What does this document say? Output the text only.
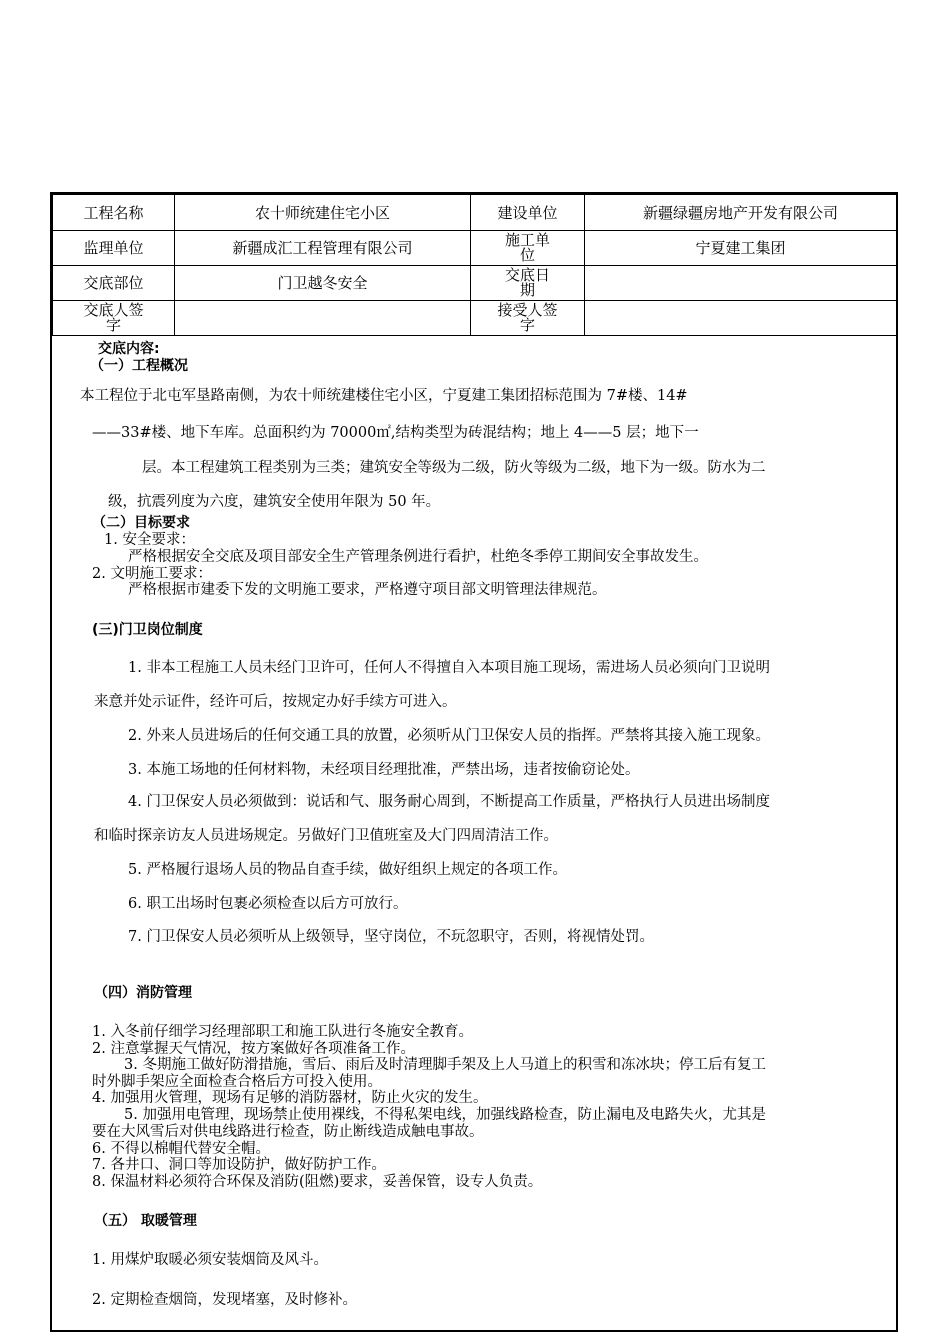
工程名称	农十师统建住宅小区	建设单位	新疆绿疆房地产开发有限公司
监理单位	新疆成汇工程管理有限公司	施工单位	宁夏建工集团
交底部位	门卫越冬安全	交底日期	
交底人签字		接受人签字	
交底内容:
（一）工程概况
本工程位于北屯军垦路南侧，为农十师统建楼住宅小区，宁夏建工集团招标范围为 7#楼、14#
——33#楼、地下车库。总面积约为 70000㎡,结构类型为砖混结构；地上 4——5 层；地下一
层。本工程建筑工程类别为三类；建筑安全等级为二级，防火等级为二级，地下为一级。防水为二
级，抗震列度为六度，建筑安全使用年限为 50 年。
（二）目标要求
1. 安全要求：
严格根据安全交底及项目部安全生产管理条例进行看护，杜绝冬季停工期间安全事故发生。
2. 文明施工要求：
严格根据市建委下发的文明施工要求，严格遵守项目部文明管理法律规范。
(三)门卫岗位制度
1. 非本工程施工人员未经门卫许可，任何人不得擅自入本项目施工现场，需进场人员必须向门卫说明
来意并处示证件，经许可后，按规定办好手续方可进入。
2. 外来人员进场后的任何交通工具的放置，必须听从门卫保安人员的指挥。严禁将其接入施工现象。
3. 本施工场地的任何材料物，未经项目经理批准，严禁出场，违者按偷窃论处。
4. 门卫保安人员必须做到：说话和气、服务耐心周到，不断提高工作质量，严格执行人员进出场制度
和临时探亲访友人员进场规定。另做好门卫值班室及大门四周清洁工作。
5. 严格履行退场人员的物品自查手续，做好组织上规定的各项工作。
6. 职工出场时包裹必须检查以后方可放行。
7. 门卫保安人员必须听从上级领导，坚守岗位，不玩忽职守，否则，将视情处罚。
（四）消防管理
1. 入冬前仔细学习经理部职工和施工队进行冬施安全教育。
2. 注意掌握天气情况，按方案做好各项准备工作。
3. 冬期施工做好防滑措施，雪后、雨后及时清理脚手架及上人马道上的积雪和冻冰块；停工后有复工
时外脚手架应全面检查合格后方可投入使用。
4. 加强用火管理，现场有足够的消防器材，防止火灾的发生。
5. 加强用电管理，现场禁止使用裸线，不得私架电线，加强线路检查，防止漏电及电路失火，尤其是
要在大风雪后对供电线路进行检查，防止断线造成触电事故。
6. 不得以棉帽代替安全帽。
7. 各井口、洞口等加设防护，做好防护工作。
8. 保温材料必须符合环保及消防(阻燃)要求，妥善保管，设专人负责。
（五） 取暖管理
1. 用煤炉取暖必须安装烟筒及风斗。
2. 定期检查烟筒，发现堵塞，及时修补。
